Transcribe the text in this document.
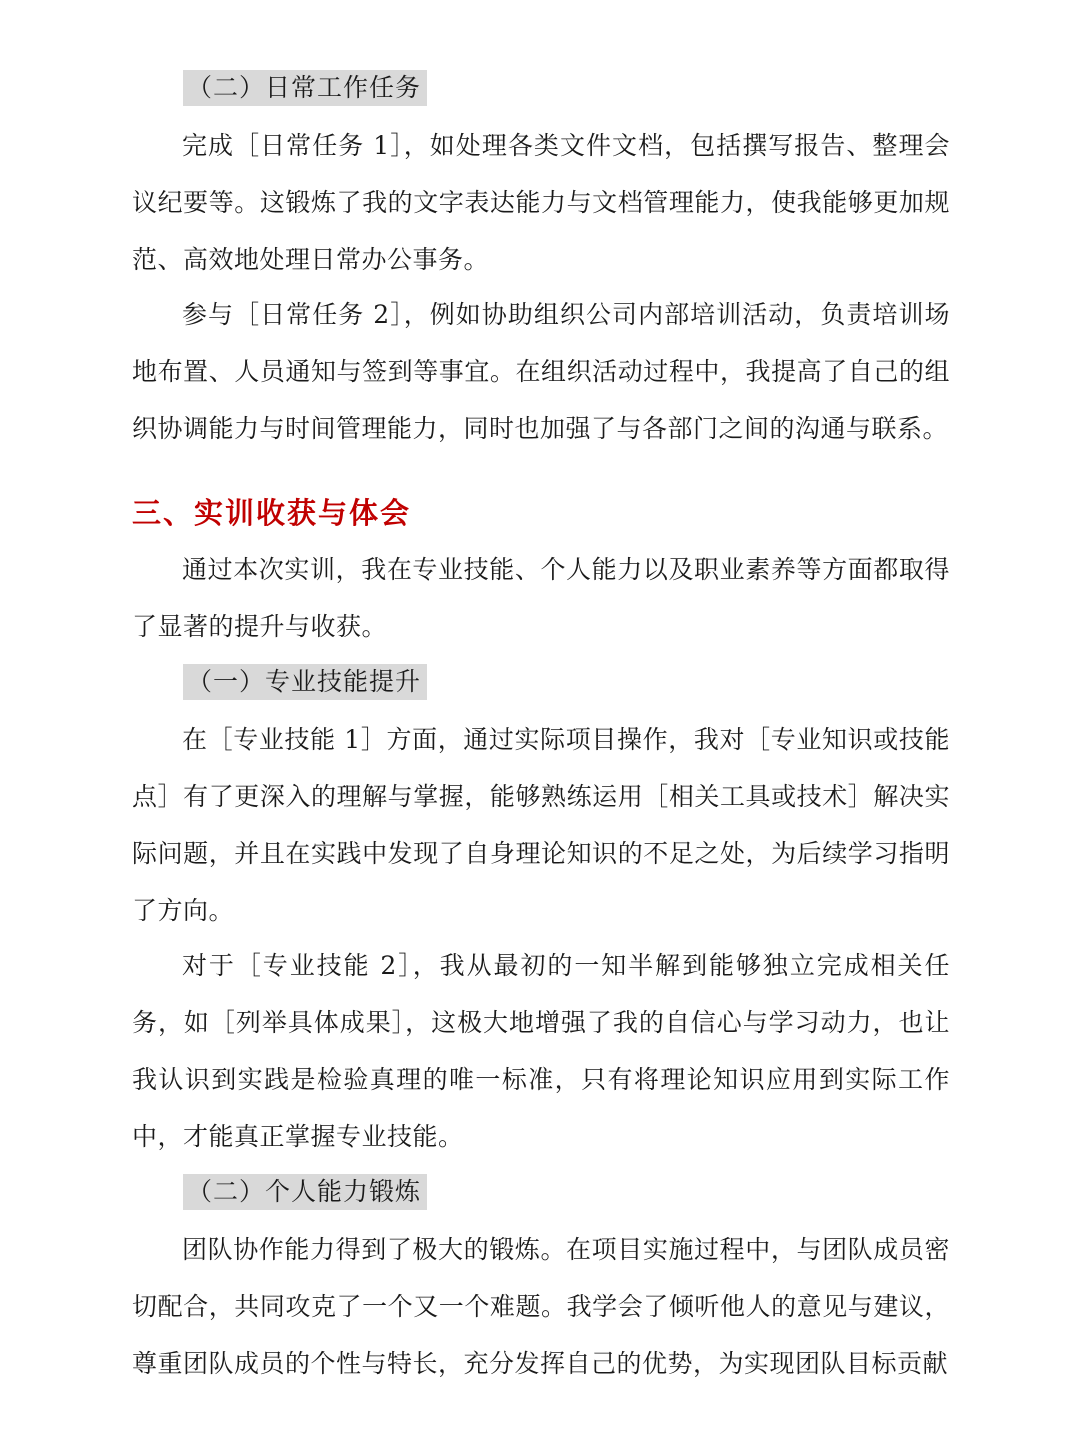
（二）日常工作任务

完成［日常任务 1］，如处理各类文件文档，包括撰写报告、整理会议纪要等。这锻炼了我的文字表达能力与文档管理能力，使我能够更加规范、高效地处理日常办公事务。

参与［日常任务 2］，例如协助组织公司内部培训活动，负责培训场地布置、人员通知与签到等事宜。在组织活动过程中，我提高了自己的组织协调能力与时间管理能力，同时也加强了与各部门之间的沟通与联系。

三、实训收获与体会

通过本次实训，我在专业技能、个人能力以及职业素养等方面都取得了显著的提升与收获。

（一）专业技能提升

在［专业技能 1］方面，通过实际项目操作，我对［专业知识或技能点］有了更深入的理解与掌握，能够熟练运用［相关工具或技术］解决实际问题，并且在实践中发现了自身理论知识的不足之处，为后续学习指明了方向。

对于［专业技能 2］，我从最初的一知半解到能够独立完成相关任务，如［列举具体成果］，这极大地增强了我的自信心与学习动力，也让我认识到实践是检验真理的唯一标准，只有将理论知识应用到实际工作中，才能真正掌握专业技能。

（二）个人能力锻炼

团队协作能力得到了极大的锻炼。在项目实施过程中，与团队成员密切配合，共同攻克了一个又一个难题。我学会了倾听他人的意见与建议，尊重团队成员的个性与特长，充分发挥自己的优势，为实现团队目标贡献
